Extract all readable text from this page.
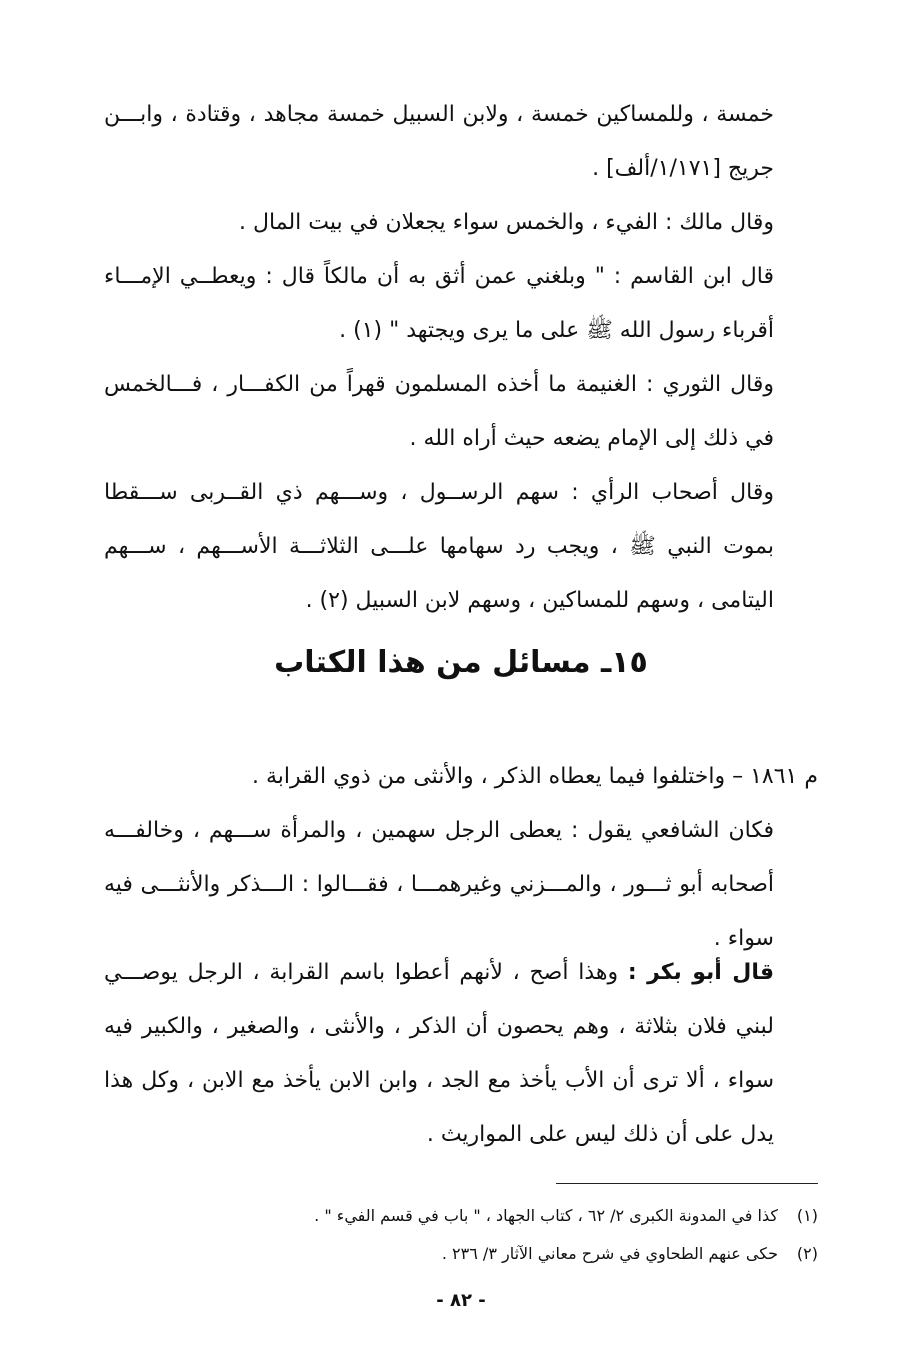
خمسة ، وللمساكين خمسة ، ولابن السبيل خمسة مجاهد ، وقتادة ، وابـــن جريج [١/١٧١/ألف] .

وقال مالك : الفيء ، والخمس سواء يجعلان في بيت المال .

قال ابن القاسم : " وبلغني عمن أثق به أن مالكاً قال : ويعطــي الإمـــاء أقرباء رسول الله ﷺ على ما يرى ويجتهد " (١) .

وقال الثوري : الغنيمة ما أخذه المسلمون قهراً من الكفـــار ، فـــالخمس في ذلك إلى الإمام يضعه حيث أراه الله .

وقال أصحاب الرأي : سهم الرســول ، وســـهم ذي القــربى ســـقطا بموت النبي ﷺ ، ويجب رد سهامها علـــى الثلاثـــة الأســـهم ، ســـهم اليتامى ، وسهم للمساكين ، وسهم لابن السبيل (٢) .

١٥ـ مسائل من هذا الكتاب

م ١٨٦١ – واختلفوا فيما يعطاه الذكر ، والأنثى من ذوي القرابة .

فكان الشافعي يقول : يعطى الرجل سهمين ، والمرأة ســـهم ، وخالفـــه أصحابه أبو ثـــور ، والمـــزني وغيرهمـــا ، فقـــالوا : الـــذكر والأنثـــى فيه سواء .

قال أبو بكر : وهذا أصح ، لأنهم أعطوا باسم القرابة ، الرجل يوصـــي لبني فلان بثلاثة ، وهم يحصون أن الذكر ، والأنثى ، والصغير ، والكبير فيه سواء ، ألا ترى أن الأب يأخذ مع الجد ، وابن الابن يأخذ مع الابن ، وكل هذا يدل على أن ذلك ليس على المواريث .

(١)كذا في المدونة الكبرى ٢/ ٦٢ ، كتاب الجهاد ، " باب في قسم الفيء " .
(٢)حكى عنهم الطحاوي في شرح معاني الآثار ٣/ ٢٣٦ .
- ٨٢ -
